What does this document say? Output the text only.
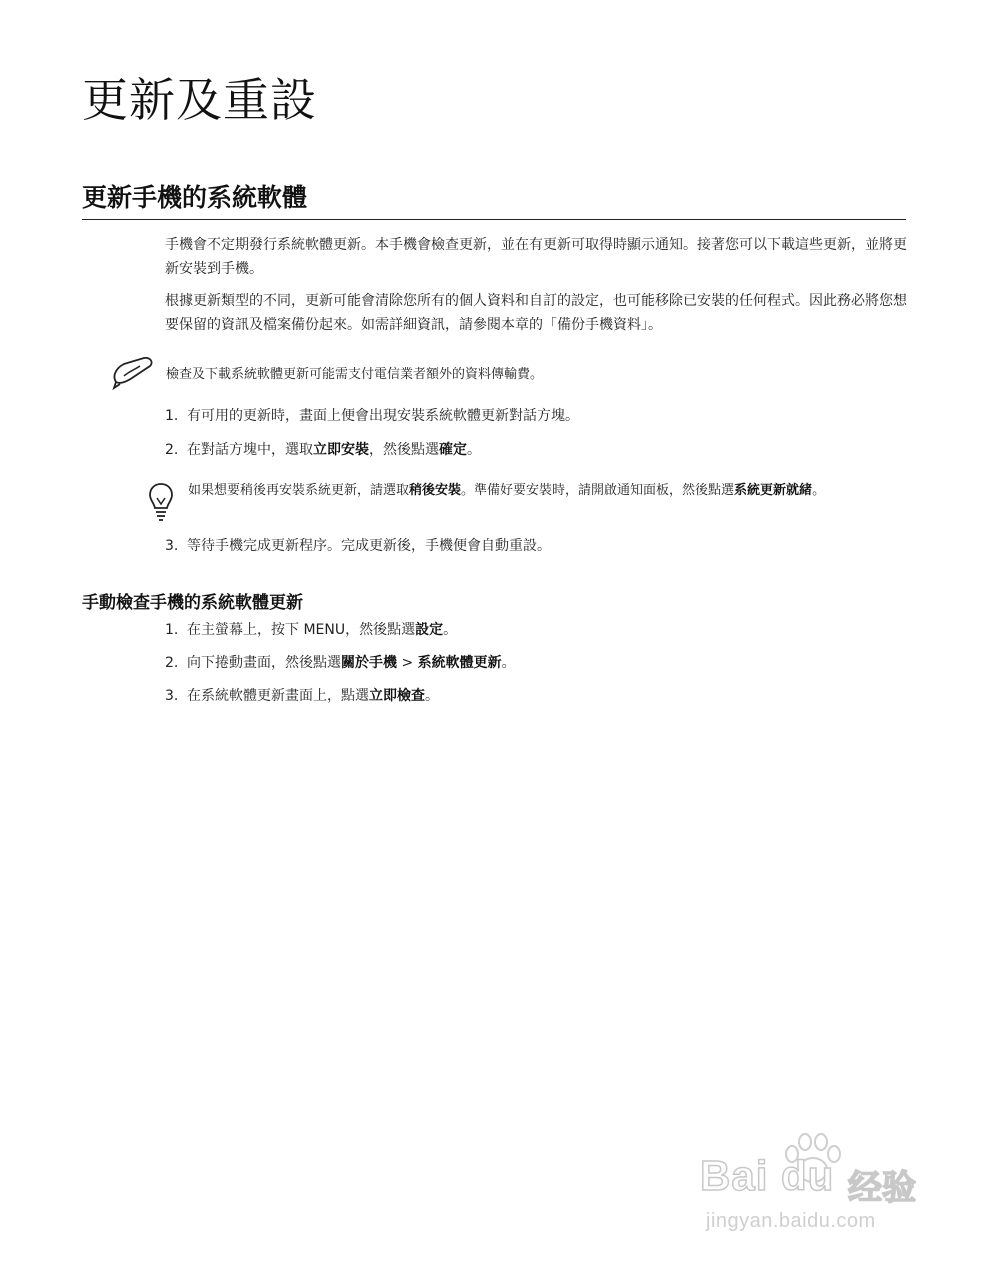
更新及重設
更新手機的系統軟體

手機會不定期發行系統軟體更新。本手機會檢查更新，並在有更新可取得時顯示通知。接著您可以下載這些更新，並將更新安裝到手機。

根據更新類型的不同，更新可能會清除您所有的個人資料和自訂的設定，也可能移除已安裝的任何程式。因此務必將您想要保留的資訊及檔案備份起來。如需詳細資訊，請參閱本章的「備份手機資料」。

檢查及下載系統軟體更新可能需支付電信業者額外的資料傳輸費。

1. 有可用的更新時，畫面上便會出現安裝系統軟體更新對話方塊。

2. 在對話方塊中，選取立即安裝，然後點選確定。

如果想要稍後再安裝系統更新，請選取稍後安裝。準備好要安裝時，請開啟通知面板，然後點選系統更新就緒。

3. 等待手機完成更新程序。完成更新後，手機便會自動重設。

手動檢查手機的系統軟體更新

1. 在主螢幕上，按下 MENU，然後點選設定。

2. 向下捲動畫面，然後點選關於手機 > 系統軟體更新。

3. 在系統軟體更新畫面上，點選立即檢查。

Bai du 经验
jingyan.baidu.com
